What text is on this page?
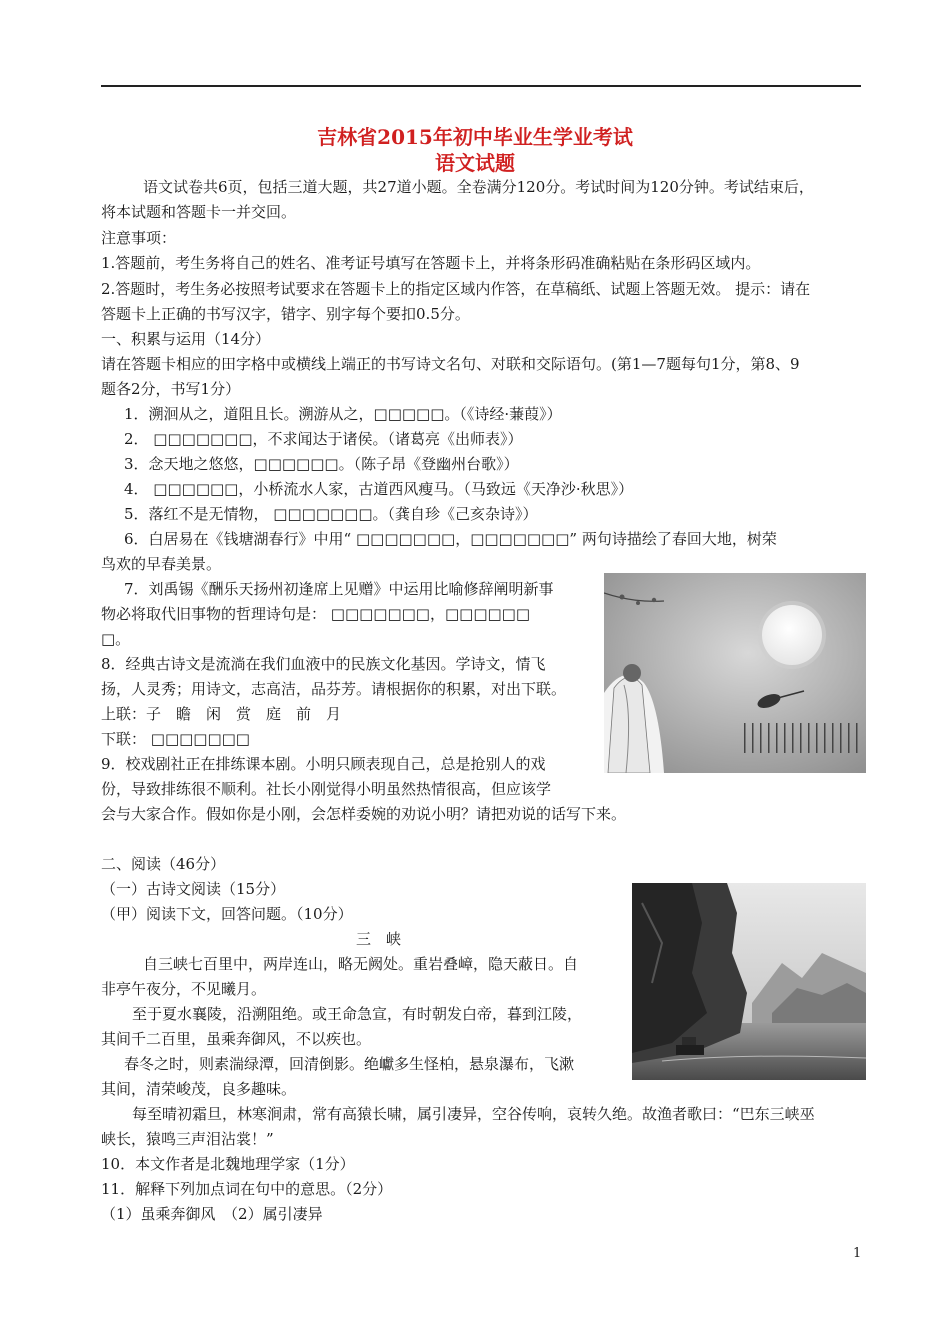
吉林省2015年初中毕业生学业考试
语文试题
语文试卷共6页，包括三道大题，共27道小题。全卷满分120分。考试时间为120分钟。考试结束后，
将本试题和答题卡一并交回。
注意事项：
1.答题前，考生务将自己的姓名、准考证号填写在答题卡上，并将条形码准确粘贴在条形码区域内。
2.答题时，考生务必按照考试要求在答题卡上的指定区域内作答，在草稿纸、试题上答题无效。 提示：请在
答题卡上正确的书写汉字，错字、别字每个要扣0.5分。
一、积累与运用（14分）
请在答题卡相应的田字格中或横线上端正的书写诗文名句、对联和交际语句。(第1—7题每句1分，第8、9
题各2分，书写1分）
1．溯洄从之，道阻且长。溯游从之，□□□□□。（《诗经·蒹葭》）
2． □□□□□□□，不求闻达于诸侯。（诸葛亮《出师表》）
3．念天地之悠悠，□□□□□□。（陈子昂《登幽州台歌》）
4． □□□□□□，小桥流水人家，古道西风瘦马。（马致远《天净沙·秋思》）
5．落红不是无情物， □□□□□□□。（龚自珍《己亥杂诗》）
6．白居易在《钱塘湖春行》中用“ □□□□□□□，□□□□□□□” 两句诗描绘了春回大地，树荣
鸟欢的早春美景。
7．刘禹锡《酬乐天扬州初逢席上见赠》中运用比喻修辞阐明新事
物必将取代旧事物的哲理诗句是： □□□□□□□，□□□□□□
□。
8．经典古诗文是流淌在我们血液中的民族文化基因。学诗文，情飞
扬，人灵秀；用诗文，志高洁，品芬芳。请根据你的积累，对出下联。
上联：子　瞻　闲　赏　庭　前　月
下联： □□□□□□□
9．校戏剧社正在排练课本剧。小明只顾表现自己，总是抢别人的戏
份，导致排练很不顺利。社长小刚觉得小明虽然热情很高，但应该学
会与大家合作。假如你是小刚，会怎样委婉的劝说小明？请把劝说的话写下来。
二、阅读（46分）
（一）古诗文阅读（15分）
（甲）阅读下文，回答问题。（10分）
三　峡
自三峡七百里中，两岸连山，略无阙处。重岩叠嶂，隐天蔽日。自
非亭午夜分，不见曦月。
至于夏水襄陵，沿溯阻绝。或王命急宣，有时朝发白帝，暮到江陵，
其间千二百里，虽乘奔御风，不以疾也。
春冬之时，则素湍绿潭，回清倒影。绝巘多生怪柏，悬泉瀑布，飞漱
其间，清荣峻茂，良多趣味。
每至晴初霜旦，林寒涧肃，常有高猿长啸，属引凄异，空谷传响，哀转久绝。故渔者歌曰：“巴东三峡巫
峡长，猿鸣三声泪沾裳！”
10．本文作者是北魏地理学家（1分）
11．解释下列加点词在句中的意思。（2分）
（1）虽乘奔御风　（2）属引凄异
1
